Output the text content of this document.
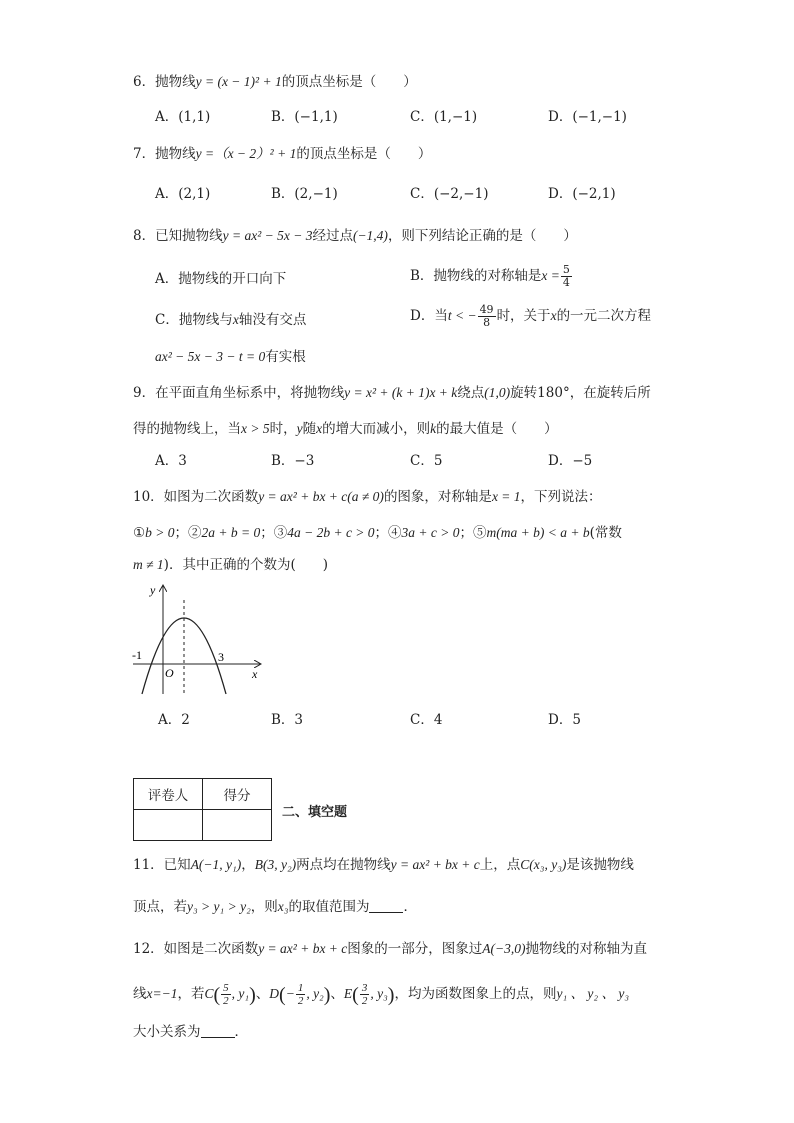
6．抛物线y = (x − 1)² + 1的顶点坐标是（　　）
A．(1,1)	B．(−1,1)	C．(1,−1)	D．(−1,−1)
7．抛物线y =（x − 2）² + 1的顶点坐标是（　　）
A．(2,1)	B．(2,−1)	C．(−2,−1)	D．(−2,1)
8．已知抛物线y = ax² − 5x − 3经过点(−1,4)，则下列结论正确的是（　　）
A．抛物线的开口向下	B．抛物线的对称轴是$x = \frac{5}{4}$
C．抛物线与x轴没有交点	D．当t < − $\frac{49}{8}$ 时，关于x的一元二次方程
ax² − 5x − 3 − t = 0有实根
9．在平面直角坐标系中，将抛物线y = x² + (k + 1)x + k绕点(1,0)旋转180°，在旋转后所
得的抛物线上，当x > 5时，y随x的增大而减小，则k的最大值是（　　）
A．3	B．−3	C．5	D．−5
10．如图为二次函数y = ax² + bx + c(a ≠ 0)的图象，对称轴是x = 1，下列说法：
①b > 0；②2a + b = 0；③4a − 2b + c > 0；④3a + c > 0；⑤m(ma + b) < a + b(常数
m ≠ 1)．其中正确的个数为(　　)
y
x
O
-1	3
A．2	B．3	C．4	D．5
评卷人	得分

二、填空题
11．已知A(−1, y₁)，B(3, y₂)两点均在抛物线y = ax² + bx + c上，点C(x₃, y₃)是该抛物线
顶点，若y₃ > y₁ > y₂，则x₃的取值范围为	．
12．如图是二次函数y = ax² + bx + c图象的一部分，图象过A(−3,0)抛物线的对称轴为直
线x=−1，若$C( \frac{5}{2}$ , y₁)、$D(- \frac{1}{2}$ , y₂)、$E( \frac{3}{2}$ , y₃)，均为函数图象上的点，则y₁ 、 y₂ 、 y₃
大小关系为	．
